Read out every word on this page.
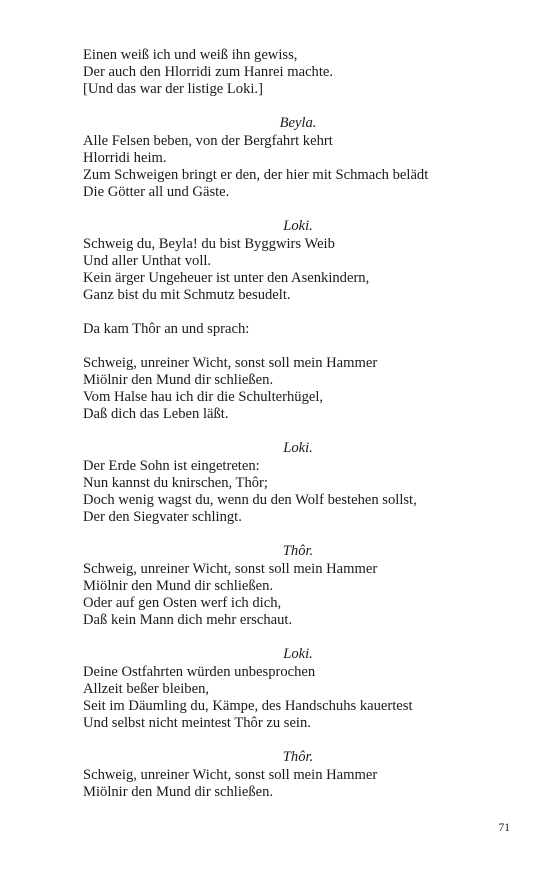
Einen weiß ich und weiß ihn gewiss,
Der auch den Hlorridi zum Hanrei machte.
[Und das war der listige Loki.]
Beyla.
Alle Felsen beben, von der Bergfahrt kehrt
Hlorridi heim.
Zum Schweigen bringt er den, der hier mit Schmach belädt
Die Götter all und Gäste.
Loki.
Schweig du, Beyla! du bist Byggwirs Weib
Und aller Unthat voll.
Kein ärger Ungeheuer ist unter den Asenkindern,
Ganz bist du mit Schmutz besudelt.
Da kam Thôr an und sprach:
Schweig, unreiner Wicht, sonst soll mein Hammer
Miölnir den Mund dir schließen.
Vom Halse hau ich dir die Schulterhügel,
Daß dich das Leben läßt.
Loki.
Der Erde Sohn ist eingetreten:
Nun kannst du knirschen, Thôr;
Doch wenig wagst du, wenn du den Wolf bestehen sollst,
Der den Siegvater schlingt.
Thôr.
Schweig, unreiner Wicht, sonst soll mein Hammer
Miölnir den Mund dir schließen.
Oder auf gen Osten werf ich dich,
Daß kein Mann dich mehr erschaut.
Loki.
Deine Ostfahrten würden unbesprochen
Allzeit beßer bleiben,
Seit im Däumling du, Kämpe, des Handschuhs kauertest
Und selbst nicht meintest Thôr zu sein.
Thôr.
Schweig, unreiner Wicht, sonst soll mein Hammer
Miölnir den Mund dir schließen.
71
